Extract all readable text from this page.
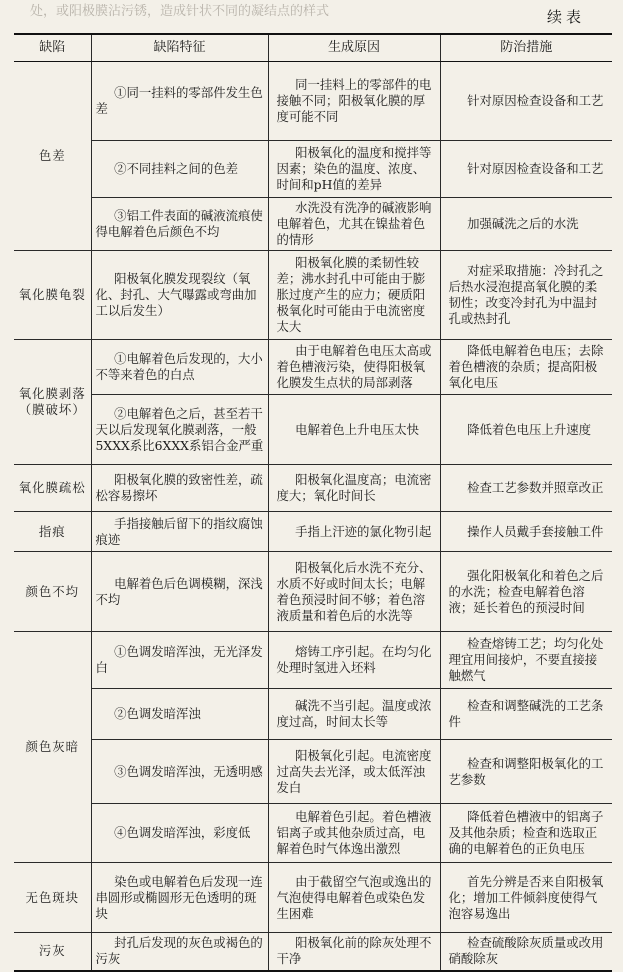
处，或阳极膜沾污锈，造成针状不同的凝结点的样式	续表
缺陷	缺陷特征	生成原因	防治措施
色差	①同一挂料的零部件发生色差	同一挂料上的零部件的电接触不同；阳极氧化膜的厚度可能不同	针对原因检查设备和工艺
	②不同挂料之间的色差	阳极氧化的温度和搅拌等因素；染色的温度、浓度、时间和pH值的差异	针对原因检查设备和工艺
	③铝工件表面的碱液流痕使得电解着色后颜色不均	水洗没有洗净的碱液影响电解着色，尤其在镍盐着色的情形	加强碱洗之后的水洗
氧化膜龟裂	阳极氧化膜发现裂纹（氧化、封孔、大气曝露或弯曲加工以后发生）	阳极氧化膜的柔韧性较差；沸水封孔中可能由于膨胀过度产生的应力；硬质阳极氧化时可能由于电流密度太大	对症采取措施：冷封孔之后热水浸泡提高氧化膜的柔韧性；改变冷封孔为中温封孔或热封孔
氧化膜剥落（膜破坏）	①电解着色后发现的，大小不等来着色的白点	由于电解着色电压太高或着色槽液污染，使得阳极氧化膜发生点状的局部剥落	降低电解着色电压；去除着色槽液的杂质；提高阳极氧化电压
	②电解着色之后，甚至若干天以后发现氧化膜剥落，一般5XXX系比6XXX系铝合金严重	电解着色上升电压太快	降低着色电压上升速度
氧化膜疏松	阳极氧化膜的致密性差，疏松容易擦坏	阳极氧化温度高；电流密度大；氧化时间长	检查工艺参数并照章改正
指痕	手指接触后留下的指纹腐蚀痕迹	手指上汗迹的氯化物引起	操作人员戴手套接触工件
颜色不均	电解着色后色调模糊，深浅不均	阳极氧化后水洗不充分、水质不好或时间太长；电解着色预浸时间不够；着色溶液质量和着色后的水洗等	强化阳极氧化和着色之后的水洗；检查电解着色溶液；延长着色的预浸时间
颜色灰暗	①色调发暗浑浊，无光泽发白	熔铸工序引起。在均匀化处理时氢进入坯料	检查熔铸工艺；均匀化处理宜用间接炉，不要直接接触燃气
	②色调发暗浑浊	碱洗不当引起。温度或浓度过高，时间太长等	检查和调整碱洗的工艺条件
	③色调发暗浑浊，无透明感	阳极氧化引起。电流密度过高失去光泽，或太低浑浊发白	检查和调整阳极氧化的工艺参数
	④色调发暗浑浊，彩度低	电解着色引起。着色槽液铝离子或其他杂质过高，电解着色时气体逸出激烈	降低着色槽液中的铝离子及其他杂质；检查和选取正确的电解着色的正负电压
无色斑块	染色或电解着色后发现一连串圆形或椭圆形无色透明的斑块	由于截留空气泡或逸出的气泡使得电解着色或染色发生困难	首先分辨是否来自阳极氧化；增加工件倾斜度使得气泡容易逸出
污灰	封孔后发现的灰色或褐色的污灰	阳极氧化前的除灰处理不干净	检查硫酸除灰质量或改用硝酸除灰
